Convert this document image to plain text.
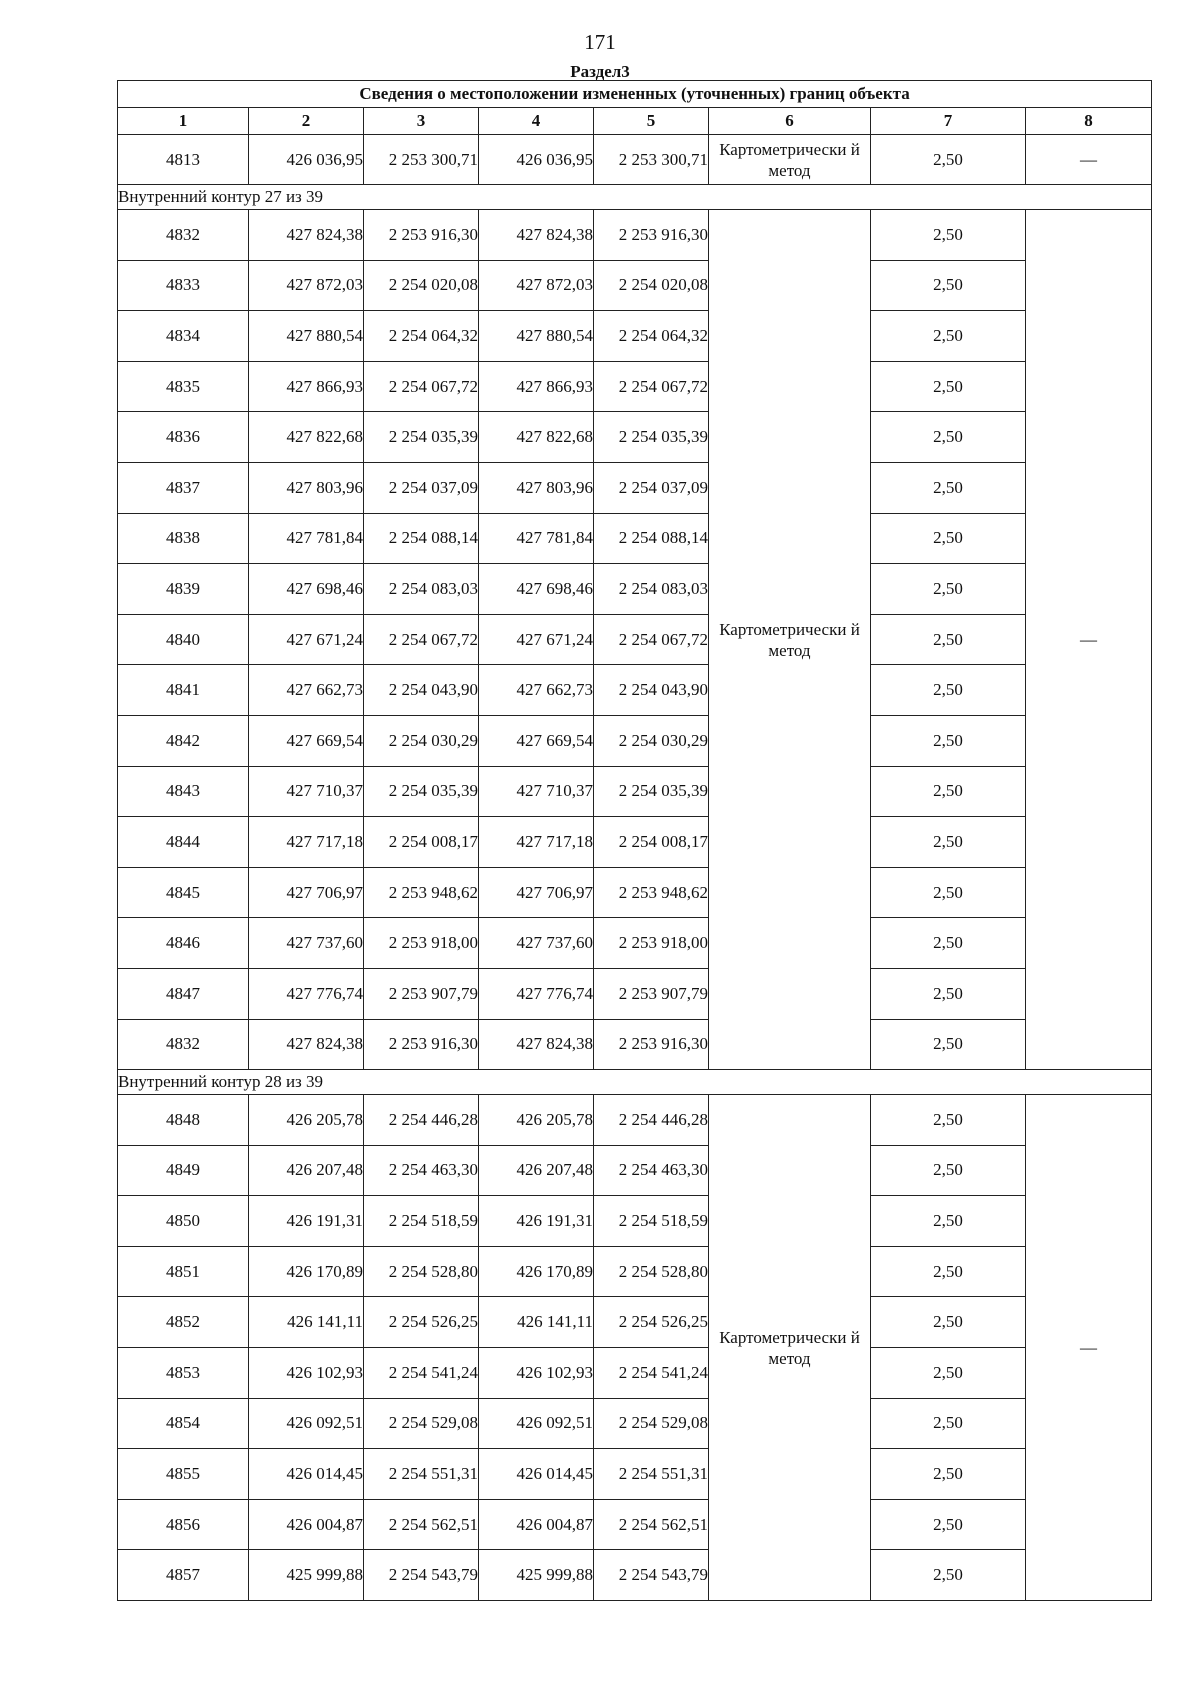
171
Раздел3
Сведения о местоположении измененных (уточненных) границ объекта							
1	2	3	4	5	6	7	8
4813	426 036,95	2 253 300,71	426 036,95	2 253 300,71	Картометрически й метод	2,50	—
Внутренний контур 27 из 39							
4832	427 824,38	2 253 916,30	427 824,38	2 253 916,30	Картометрически й метод	2,50	—
4833	427 872,03	2 254 020,08	427 872,03	2 254 020,08		2,50	
4834	427 880,54	2 254 064,32	427 880,54	2 254 064,32		2,50	
4835	427 866,93	2 254 067,72	427 866,93	2 254 067,72		2,50	
4836	427 822,68	2 254 035,39	427 822,68	2 254 035,39		2,50	
4837	427 803,96	2 254 037,09	427 803,96	2 254 037,09		2,50	
4838	427 781,84	2 254 088,14	427 781,84	2 254 088,14		2,50	
4839	427 698,46	2 254 083,03	427 698,46	2 254 083,03		2,50	
4840	427 671,24	2 254 067,72	427 671,24	2 254 067,72		2,50	
4841	427 662,73	2 254 043,90	427 662,73	2 254 043,90		2,50	
4842	427 669,54	2 254 030,29	427 669,54	2 254 030,29		2,50	
4843	427 710,37	2 254 035,39	427 710,37	2 254 035,39		2,50	
4844	427 717,18	2 254 008,17	427 717,18	2 254 008,17		2,50	
4845	427 706,97	2 253 948,62	427 706,97	2 253 948,62		2,50	
4846	427 737,60	2 253 918,00	427 737,60	2 253 918,00		2,50	
4847	427 776,74	2 253 907,79	427 776,74	2 253 907,79		2,50	
4832	427 824,38	2 253 916,30	427 824,38	2 253 916,30		2,50	
Внутренний контур 28 из 39							
4848	426 205,78	2 254 446,28	426 205,78	2 254 446,28	Картометрически й метод	2,50	—
4849	426 207,48	2 254 463,30	426 207,48	2 254 463,30		2,50	
4850	426 191,31	2 254 518,59	426 191,31	2 254 518,59		2,50	
4851	426 170,89	2 254 528,80	426 170,89	2 254 528,80		2,50	
4852	426 141,11	2 254 526,25	426 141,11	2 254 526,25		2,50	
4853	426 102,93	2 254 541,24	426 102,93	2 254 541,24		2,50	
4854	426 092,51	2 254 529,08	426 092,51	2 254 529,08		2,50	
4855	426 014,45	2 254 551,31	426 014,45	2 254 551,31		2,50	
4856	426 004,87	2 254 562,51	426 004,87	2 254 562,51		2,50	
4857	425 999,88	2 254 543,79	425 999,88	2 254 543,79		2,50	
